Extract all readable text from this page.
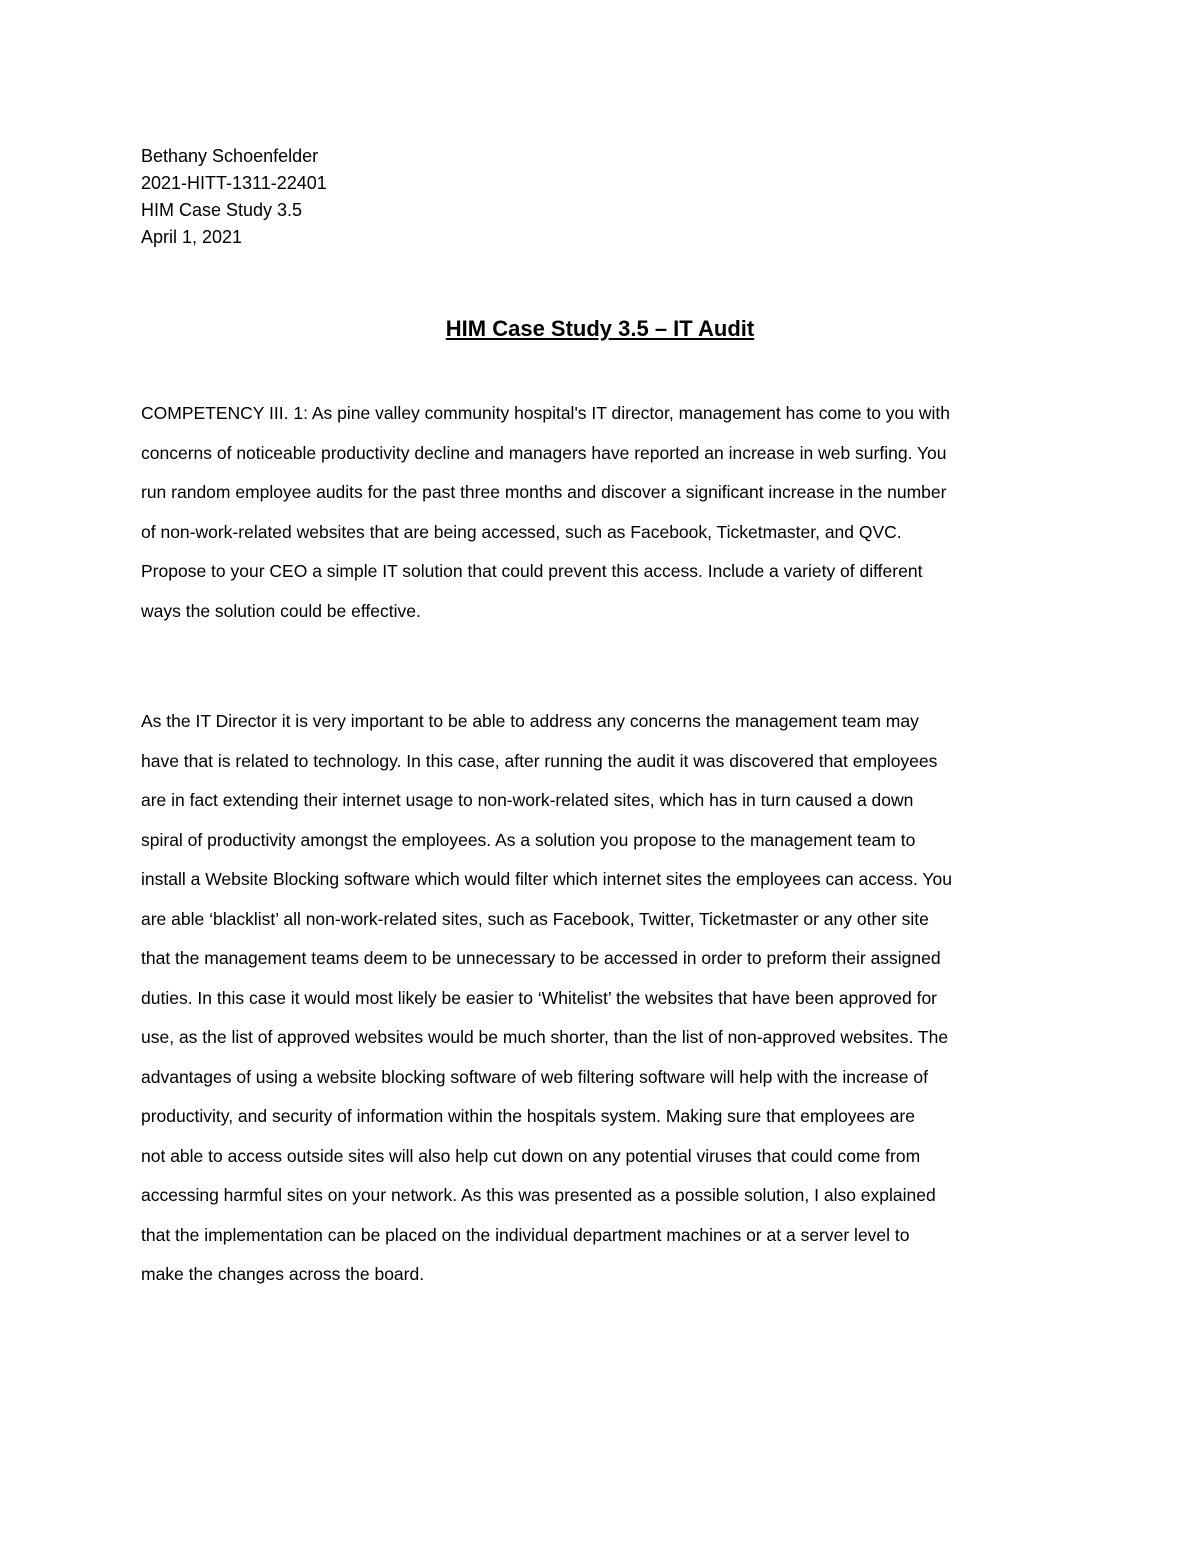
Bethany Schoenfelder
2021-HITT-1311-22401
HIM Case Study 3.5
April 1, 2021
HIM Case Study 3.5 – IT Audit
COMPETENCY III. 1: As pine valley community hospital's IT director, management has come to you with
concerns of noticeable productivity decline and managers have reported an increase in web surfing. You
run random employee audits for the past three months and discover a significant increase in the number
of non-work-related websites that are being accessed, such as Facebook, Ticketmaster, and QVC.
Propose to your CEO a simple IT solution that could prevent this access. Include a variety of different
ways the solution could be effective.
As the IT Director it is very important to be able to address any concerns the management team may
have that is related to technology. In this case, after running the audit it was discovered that employees
are in fact extending their internet usage to non-work-related sites, which has in turn caused a down
spiral of productivity amongst the employees. As a solution you propose to the management team to
install a Website Blocking software which would filter which internet sites the employees can access. You
are able ‘blacklist’ all non-work-related sites, such as Facebook, Twitter, Ticketmaster or any other site
that the management teams deem to be unnecessary to be accessed in order to preform their assigned
duties. In this case it would most likely be easier to ‘Whitelist’ the websites that have been approved for
use, as the list of approved websites would be much shorter, than the list of non-approved websites. The
advantages of using a website blocking software of web filtering software will help with the increase of
productivity, and security of information within the hospitals system. Making sure that employees are
not able to access outside sites will also help cut down on any potential viruses that could come from
accessing harmful sites on your network. As this was presented as a possible solution, I also explained
that the implementation can be placed on the individual department machines or at a server level to
make the changes across the board.
